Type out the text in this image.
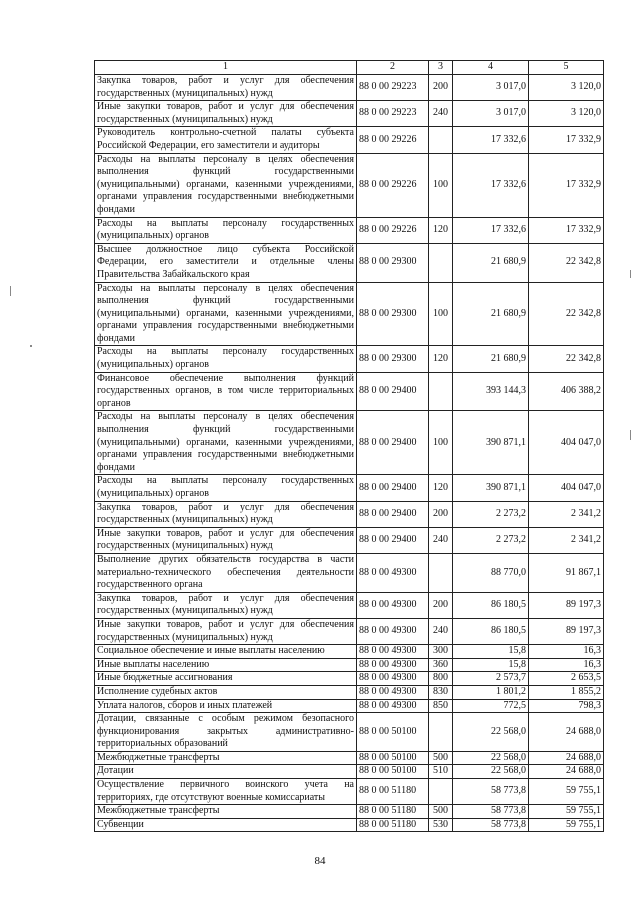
1	2	3	4	5
Закупка товаров, работ и услуг для обеспечения государственных (муниципальных) нужд	88 0 00 29223	200	3 017,0	3 120,0
Иные закупки товаров, работ и услуг для обеспечения государственных (муниципальных) нужд	88 0 00 29223	240	3 017,0	3 120,0
Руководитель контрольно-счетной палаты субъекта Российской Федерации, его заместители и аудиторы	88 0 00 29226		17 332,6	17 332,9
Расходы на выплаты персоналу в целях обеспечения выполнения функций государственными (муниципальными) органами, казенными учреждениями, органами управления государственными внебюджетными фондами	88 0 00 29226	100	17 332,6	17 332,9
Расходы на выплаты персоналу государственных (муниципальных) органов	88 0 00 29226	120	17 332,6	17 332,9
Высшее должностное лицо субъекта Российской Федерации, его заместители и отдельные члены Правительства Забайкальского края	88 0 00 29300		21 680,9	22 342,8
Расходы на выплаты персоналу в целях обеспечения выполнения функций государственными (муниципальными) органами, казенными учреждениями, органами управления государственными внебюджетными фондами	88 0 00 29300	100	21 680,9	22 342,8
Расходы на выплаты персоналу государственных (муниципальных) органов	88 0 00 29300	120	21 680,9	22 342,8
Финансовое обеспечение выполнения функций государственных органов, в том числе территориальных органов	88 0 00 29400		393 144,3	406 388,2
Расходы на выплаты персоналу в целях обеспечения выполнения функций государственными (муниципальными) органами, казенными учреждениями, органами управления государственными внебюджетными фондами	88 0 00 29400	100	390 871,1	404 047,0
Расходы на выплаты персоналу государственных (муниципальных) органов	88 0 00 29400	120	390 871,1	404 047,0
Закупка товаров, работ и услуг для обеспечения государственных (муниципальных) нужд	88 0 00 29400	200	2 273,2	2 341,2
Иные закупки товаров, работ и услуг для обеспечения государственных (муниципальных) нужд	88 0 00 29400	240	2 273,2	2 341,2
Выполнение других обязательств государства в части материально-технического обеспечения деятельности государственного органа	88 0 00 49300		88 770,0	91 867,1
Закупка товаров, работ и услуг для обеспечения государственных (муниципальных) нужд	88 0 00 49300	200	86 180,5	89 197,3
Иные закупки товаров, работ и услуг для обеспечения государственных (муниципальных) нужд	88 0 00 49300	240	86 180,5	89 197,3
Социальное обеспечение и иные выплаты населению	88 0 00 49300	300	15,8	16,3
Иные выплаты населению	88 0 00 49300	360	15,8	16,3
Иные бюджетные ассигнования	88 0 00 49300	800	2 573,7	2 653,5
Исполнение судебных актов	88 0 00 49300	830	1 801,2	1 855,2
Уплата налогов, сборов и иных платежей	88 0 00 49300	850	772,5	798,3
Дотации, связанные с особым режимом безопасного функционирования закрытых административно-территориальных образований	88 0 00 50100		22 568,0	24 688,0
Межбюджетные трансферты	88 0 00 50100	500	22 568,0	24 688,0
Дотации	88 0 00 50100	510	22 568,0	24 688,0
Осуществление первичного воинского учета на территориях, где отсутствуют военные комиссариаты	88 0 00 51180		58 773,8	59 755,1
Межбюджетные трансферты	88 0 00 51180	500	58 773,8	59 755,1
Субвенции	88 0 00 51180	530	58 773,8	59 755,1
84
